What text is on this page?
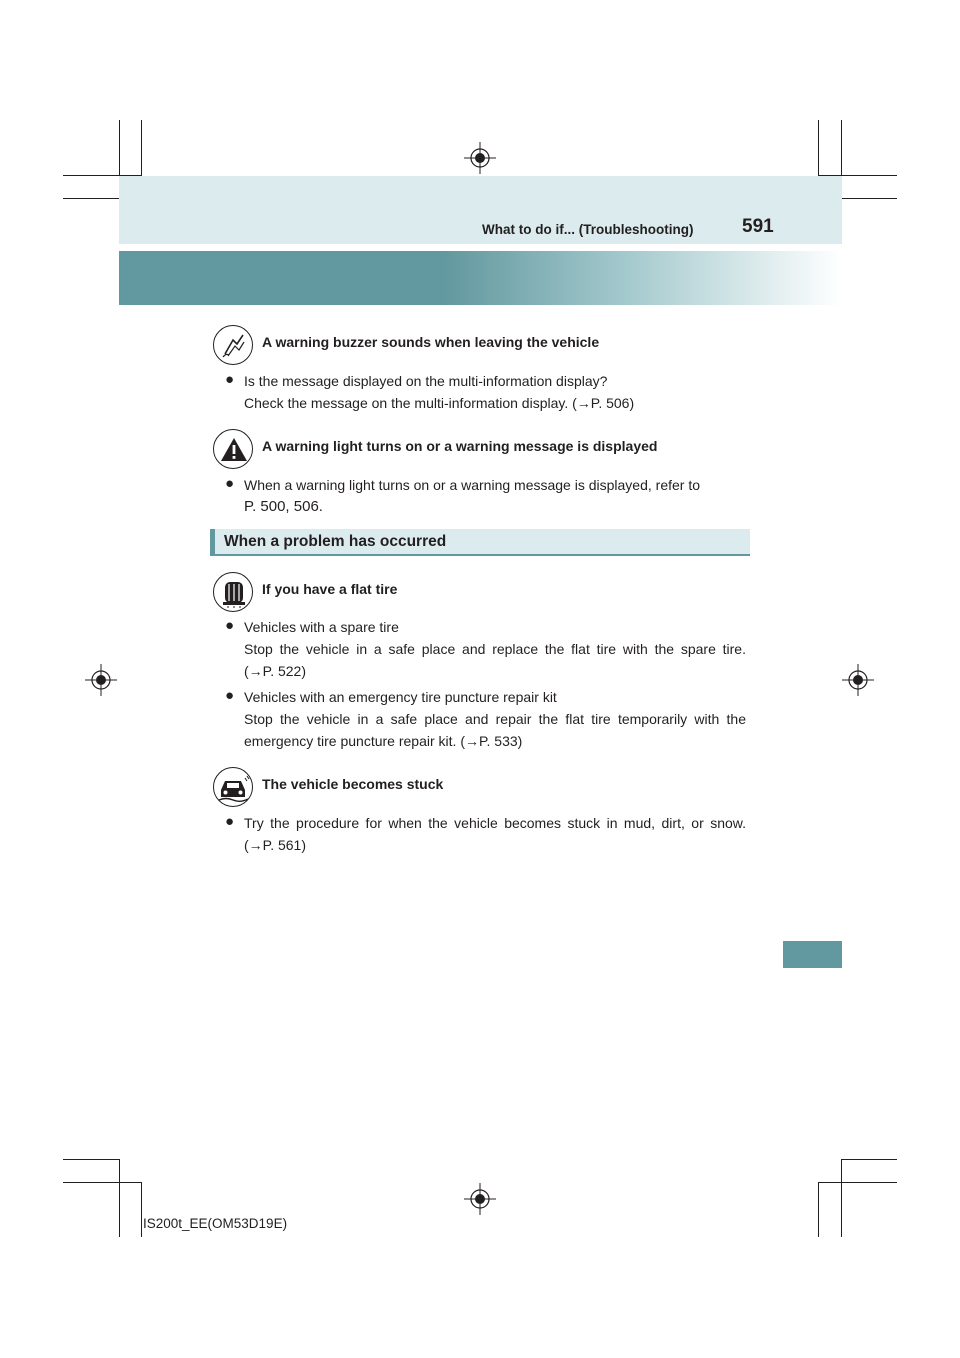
What to do if... (Troubleshooting)	591
A warning buzzer sounds when leaving the vehicle
● Is the message displayed on the multi-information display?
Check the message on the multi-information display. (→P. 506)
A warning light turns on or a warning message is displayed
● When a warning light turns on or a warning message is displayed, refer to
P. 500, 506.
When a problem has occurred
If you have a flat tire
● Vehicles with a spare tire
Stop the vehicle in a safe place and replace the flat tire with the spare tire.
(→P. 522)
● Vehicles with an emergency tire puncture repair kit
Stop the vehicle in a safe place and repair the flat tire temporarily with the
emergency tire puncture repair kit. (→P. 533)
The vehicle becomes stuck
● Try the procedure for when the vehicle becomes stuck in mud, dirt, or snow.
(→P. 561)
IS200t_EE(OM53D19E)
